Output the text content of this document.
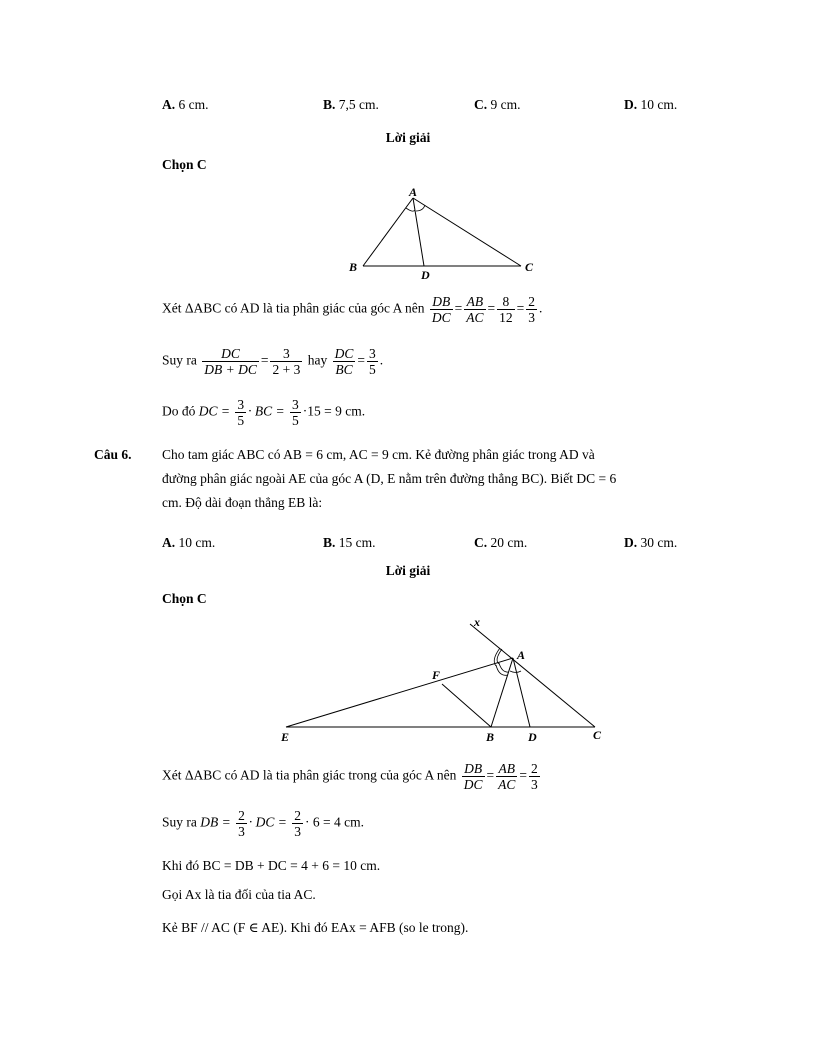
A. 6 cm.	B. 7,5 cm.	C. 9 cm.	D. 10 cm.
Lời giải
Chọn C
A
B	C
D
Xét ΔABC có AD là tia phân giác của góc A nên $\frac{DB}{DC} = \frac{AB}{AC} = \frac{8}{12} = \frac{2}{3}$ .
Suy ra $\frac{DC}{DB + DC} = \frac{3}{2 + 3}$ hay $\frac{DC}{BC} = \frac{3}{5}$ .
Do đó DC = $\frac{3}{5}$ · BC = $\frac{3}{5} \cdot 15 = 9$ cm.
Câu 6. Cho tam giác ABC có AB = 6 cm, AC = 9 cm. Kẻ đường phân giác trong AD và
đường phân giác ngoài AE của góc A (D, E nằm trên đường thẳng BC). Biết DC = 6
cm. Độ dài đoạn thẳng EB là:
A. 10 cm.	B. 15 cm.	C. 20 cm.	D. 30 cm.
Lời giải
Chọn C
x
A
F
E	B	D	C
Xét ΔABC có AD là tia phân giác trong của góc A nên $\frac{DB}{DC} = \frac{AB}{AC} = \frac{2}{3}$
Suy ra DB = $\frac{2}{3}$ · DC = $\frac{2}{3} \cdot 6 = 4$ cm.
Khi đó BC = DB + DC = 4 + 6 = 10 cm.
Gọi Ax là tia đối của tia AC.
Kẻ BF // AC (F ∈ AE). Khi đó EAx = AFB (so le trong).
